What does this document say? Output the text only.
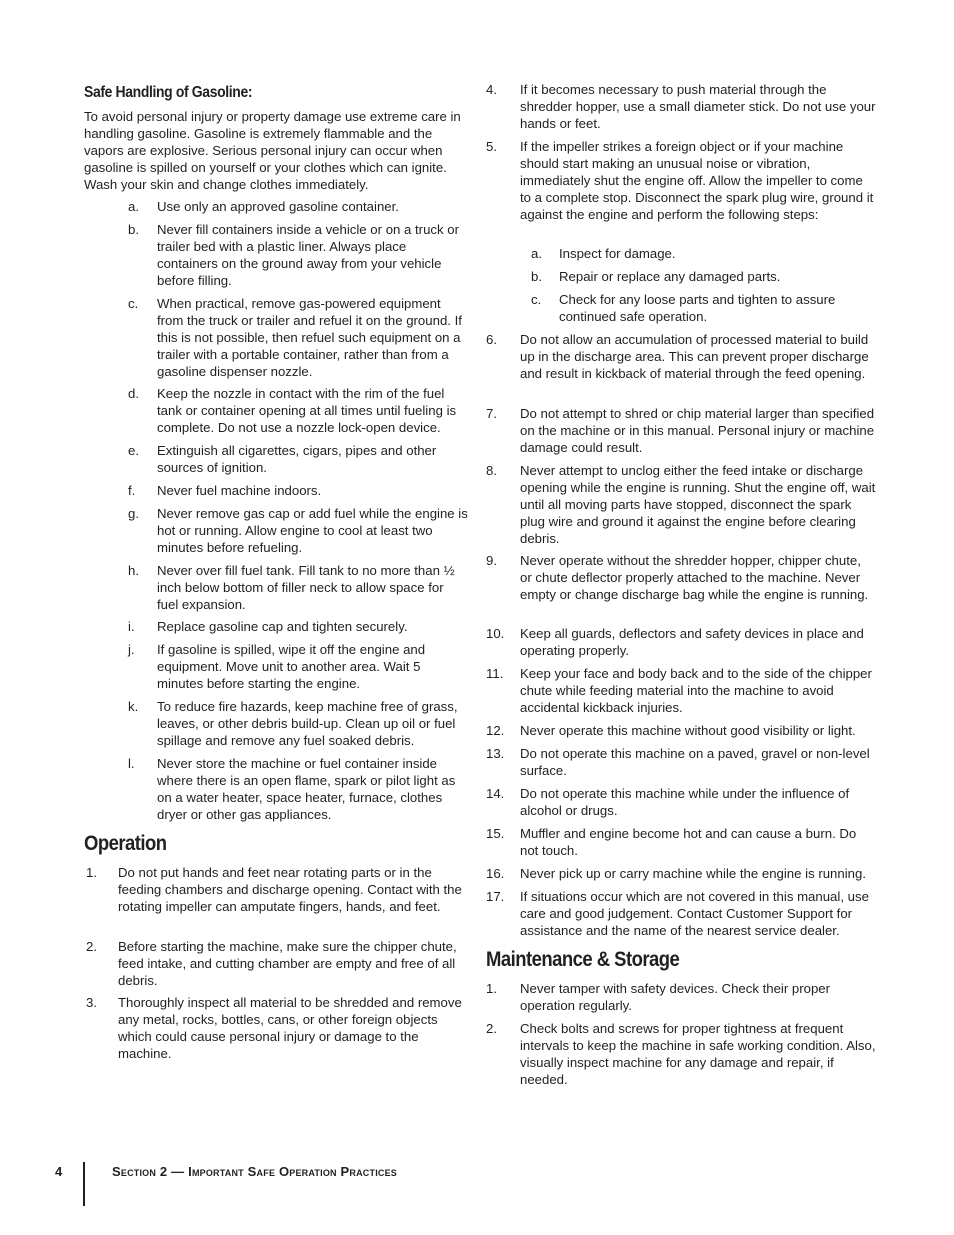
Safe Handling of Gasoline:
To avoid personal injury or property damage use extreme care in handling gasoline. Gasoline is extremely flammable and the vapors are explosive. Serious personal injury can occur when gasoline is spilled on yourself or your clothes which can ignite. Wash your skin and change clothes immediately.
a. Use only an approved gasoline container.
b. Never fill containers inside a vehicle or on a truck or trailer bed with a plastic liner. Always place containers on the ground away from your vehicle before filling.
c. When practical, remove gas-powered equipment from the truck or trailer and refuel it on the ground. If this is not possible, then refuel such equipment on a trailer with a portable container, rather than from a gasoline dispenser nozzle.
d. Keep the nozzle in contact with the rim of the fuel tank or container opening at all times until fueling is complete. Do not use a nozzle lock-open device.
e. Extinguish all cigarettes, cigars, pipes and other sources of ignition.
f. Never fuel machine indoors.
g. Never remove gas cap or add fuel while the engine is hot or running. Allow engine to cool at least two minutes before refueling.
h. Never over fill fuel tank. Fill tank to no more than ½ inch below bottom of filler neck to allow space for fuel expansion.
i. Replace gasoline cap and tighten securely.
j. If gasoline is spilled, wipe it off the engine and equipment. Move unit to another area. Wait 5 minutes before starting the engine.
k. To reduce fire hazards, keep machine free of grass, leaves, or other debris build-up. Clean up oil or fuel spillage and remove any fuel soaked debris.
l. Never store the machine or fuel container inside where there is an open flame, spark or pilot light as on a water heater, space heater, furnace, clothes dryer or other gas appliances.
Operation
1. Do not put hands and feet near rotating parts or in the feeding chambers and discharge opening. Contact with the rotating impeller can amputate fingers, hands, and feet.
2. Before starting the machine, make sure the chipper chute, feed intake, and cutting chamber are empty and free of all debris.
3. Thoroughly inspect all material to be shredded and remove any metal, rocks, bottles, cans, or other foreign objects which could cause personal injury or damage to the machine.
4. If it becomes necessary to push material through the shredder hopper, use a small diameter stick. Do not use your hands or feet.
5. If the impeller strikes a foreign object or if your machine should start making an unusual noise or vibration, immediately shut the engine off. Allow the impeller to come to a complete stop. Disconnect the spark plug wire, ground it against the engine and perform the following steps:
a. Inspect for damage.
b. Repair or replace any damaged parts.
c. Check for any loose parts and tighten to assure continued safe operation.
6. Do not allow an accumulation of processed material to build up in the discharge area. This can prevent proper discharge and result in kickback of material through the feed opening.
7. Do not attempt to shred or chip material larger than specified on the machine or in this manual. Personal injury or machine damage could result.
8. Never attempt to unclog either the feed intake or discharge opening while the engine is running. Shut the engine off, wait until all moving parts have stopped, disconnect the spark plug wire and ground it against the engine before clearing debris.
9. Never operate without the shredder hopper, chipper chute, or chute deflector properly attached to the machine. Never empty or change discharge bag while the engine is running.
10. Keep all guards, deflectors and safety devices in place and operating properly.
11. Keep your face and body back and to the side of the chipper chute while feeding material into the machine to avoid accidental kickback injuries.
12. Never operate this machine without good visibility or light.
13. Do not operate this machine on a paved, gravel or non-level surface.
14. Do not operate this machine while under the influence of alcohol or drugs.
15. Muffler and engine become hot and can cause a burn. Do not touch.
16. Never pick up or carry machine while the engine is running.
17. If situations occur which are not covered in this manual, use care and good judgement. Contact Customer Support for assistance and the name of the nearest service dealer.
Maintenance & Storage
1. Never tamper with safety devices. Check their proper operation regularly.
2. Check bolts and screws for proper tightness at frequent intervals to keep the machine in safe working condition. Also, visually inspect machine for any damage and repair, if needed.
4	Section 2 — Important Safe Operation Practices
